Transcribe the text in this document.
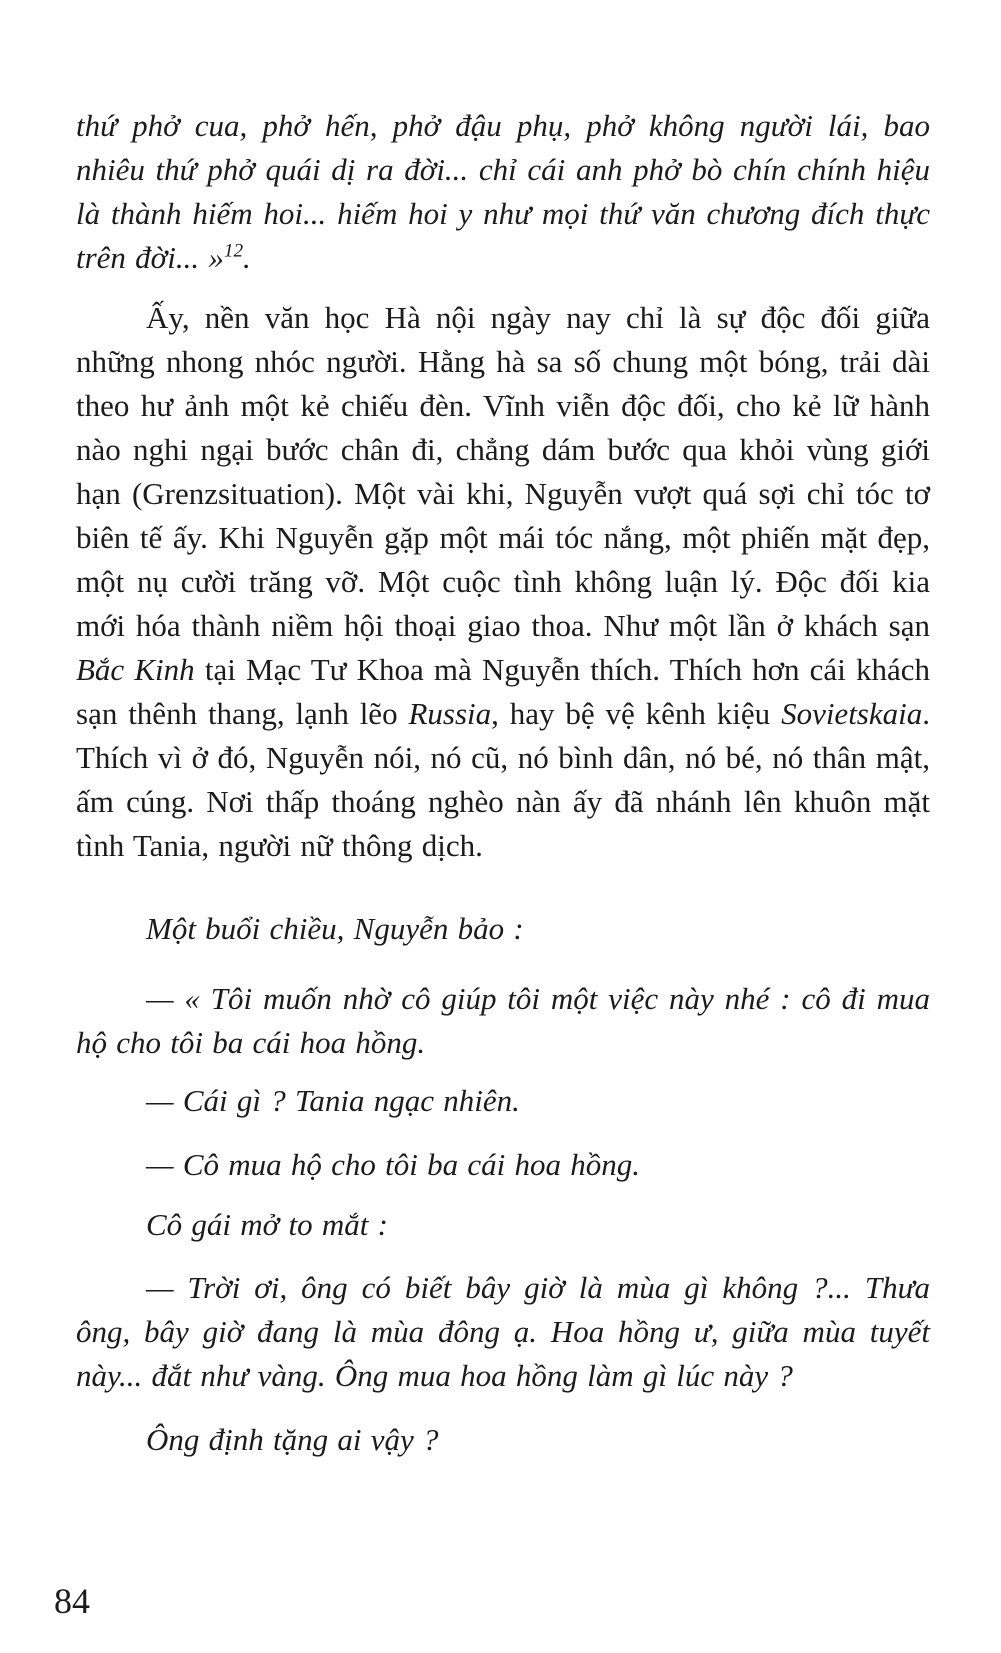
thứ phở cua, phở hến, phở đậu phụ, phở không người lái, bao nhiêu thứ phở quái dị ra đời... chỉ cái anh phở bò chín chính hiệu là thành hiếm hoi... hiếm hoi y như mọi thứ văn chương đích thực trên đời... »$^{12}$.

Ấy, nền văn học Hà nội ngày nay chỉ là sự độc đối giữa những nhong nhóc người. Hằng hà sa số chung một bóng, trải dài theo hư ảnh một kẻ chiếu đèn. Vĩnh viễn độc đối, cho kẻ lữ hành nào nghi ngại bước chân đi, chẳng dám bước qua khỏi vùng giới hạn (Grenzsituation). Một vài khi, Nguyễn vượt quá sợi chỉ tóc tơ biên tế ấy. Khi Nguyễn gặp một mái tóc nắng, một phiến mặt đẹp, một nụ cười trăng vỡ. Một cuộc tình không luận lý. Độc đối kia mới hóa thành niềm hội thoại giao thoa. Như một lần ở khách sạn Bắc Kinh tại Mạc Tư Khoa mà Nguyễn thích. Thích hơn cái khách sạn thênh thang, lạnh lẽo Russia, hay bệ vệ kênh kiệu Sovietskaia. Thích vì ở đó, Nguyễn nói, nó cũ, nó bình dân, nó bé, nó thân mật, ấm cúng. Nơi thấp thoáng nghèo nàn ấy đã nhánh lên khuôn mặt tình Tania, người nữ thông dịch.

Một buổi chiều, Nguyễn bảo :

— « Tôi muốn nhờ cô giúp tôi một việc này nhé : cô đi mua hộ cho tôi ba cái hoa hồng.

— Cái gì ? Tania ngạc nhiên.

— Cô mua hộ cho tôi ba cái hoa hồng.

Cô gái mở to mắt :

— Trời ơi, ông có biết bây giờ là mùa gì không ?... Thưa ông, bây giờ đang là mùa đông ạ. Hoa hồng ư, giữa mùa tuyết này... đắt như vàng. Ông mua hoa hồng làm gì lúc này ?

Ông định tặng ai vậy ?

84
